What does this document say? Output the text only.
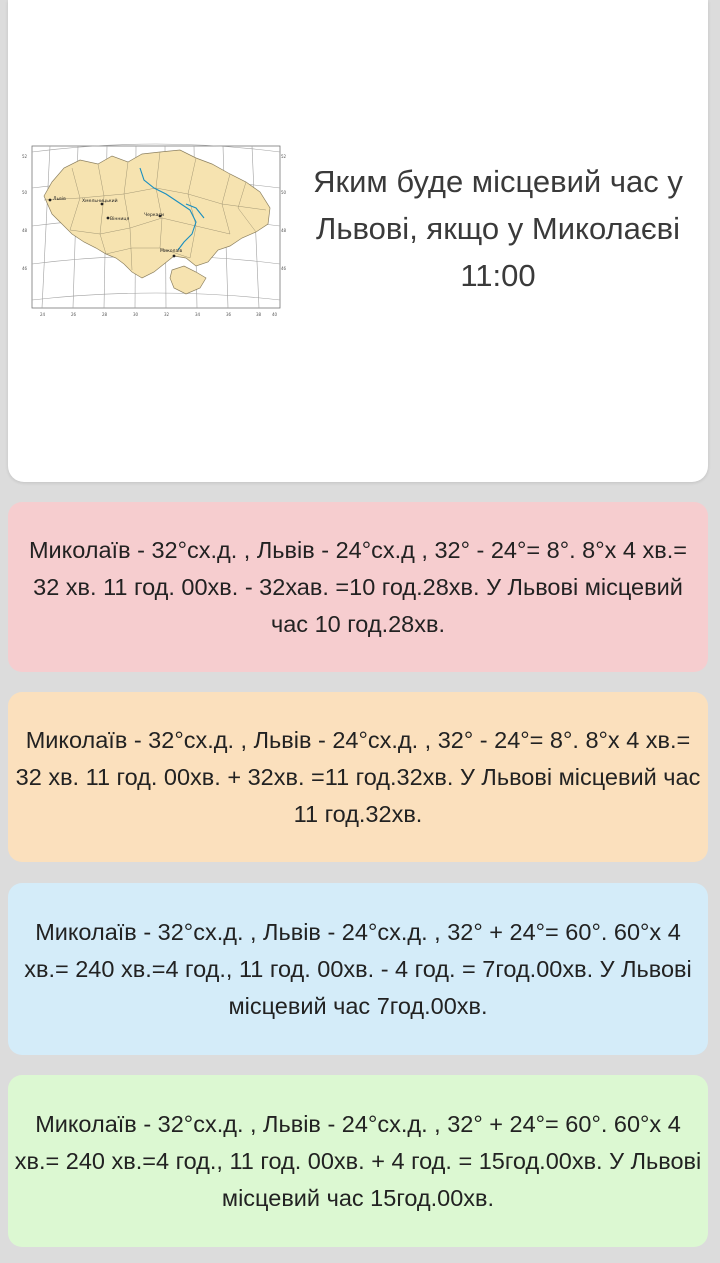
Львів	Хмельницький
Вінниця
Черкаси
Миколаїв
52
50
48
46
52
50
48
46
24	26	28	30	32	34	36	38	40
Яким буде місцевий час у Львові, якщо у Миколаєві 11:00
Миколаїв - 32°сх.д. , Львів - 24°сх.д , 32° - 24°= 8°. 8°х 4 хв.= 32 хв. 11 год. 00хв. - 32хав. =10 год.28хв. У Львові місцевий час 10 год.28хв.
Миколаїв - 32°сх.д. , Львів - 24°сх.д. , 32° - 24°= 8°. 8°х 4 хв.= 32 хв. 11 год. 00хв. + 32хв. =11 год.32хв. У Львові місцевий час 11 год.32хв.
Миколаїв - 32°сх.д. , Львів - 24°сх.д. , 32° + 24°= 60°. 60°х 4 хв.= 240 хв.=4 год., 11 год. 00хв. - 4 год. = 7год.00хв. У Львові місцевий час 7год.00хв.
Миколаїв - 32°сх.д. , Львів - 24°сх.д. , 32° + 24°= 60°. 60°х 4 хв.= 240 хв.=4 год., 11 год. 00хв. + 4 год. = 15год.00хв. У Львові місцевий час 15год.00хв.
